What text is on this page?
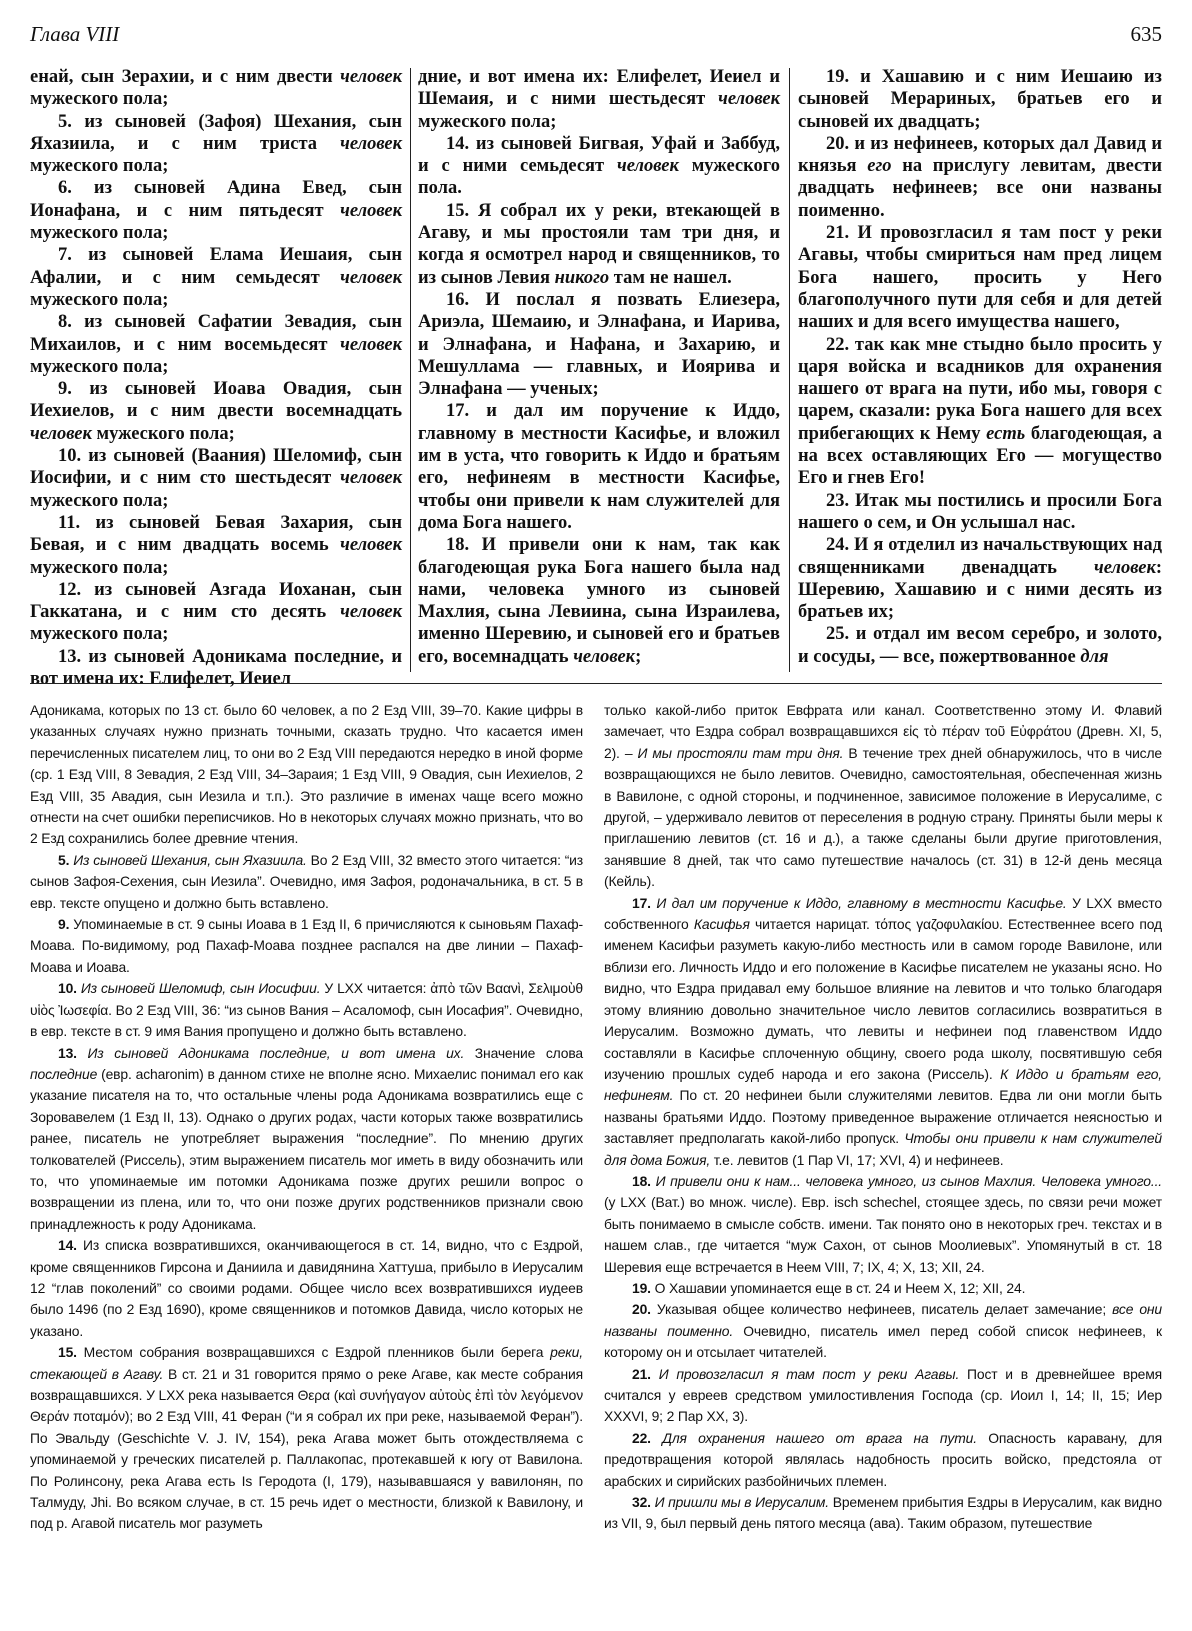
Глава VIII	635

енай, сын Зерахии, и с ним двести человек мужеского пола;

5. из сыновей (Зафоя) Шехания, сын Яхазиила, и с ним триста человек мужеского пола;

6. из сыновей Адина Евед, сын Ионафана, и с ним пятьдесят человек мужеского пола;

7. из сыновей Елама Иешаия, сын Афалии, и с ним семьдесят человек мужеского пола;

8. из сыновей Сафатии Зевадия, сын Михаилов, и с ним восемьдесят человек мужеского пола;

9. из сыновей Иоава Овадия, сын Иехиелов, и с ним двести восемнадцать человек мужеского пола;

10. из сыновей (Ваания) Шеломиф, сын Иосифии, и с ним сто шестьдесят человек мужеского пола;

11. из сыновей Бевая Захария, сын Бевая, и с ним двадцать восемь человек мужеского пола;

12. из сыновей Азгада Иоханан, сын Гаккатана, и с ним сто десять человек мужеского пола;

13. из сыновей Адоникама последние, и вот имена их: Елифелет, Иеиел

дние, и вот имена их: Елифелет, Иеиел и Шемаия, и с ними шестьдесят человек мужеского пола;

14. из сыновей Бигвая, Уфай и Заббуд, и с ними семьдесят человек мужеского пола.

15. Я собрал их у реки, втекающей в Агаву, и мы простояли там три дня, и когда я осмотрел народ и священников, то из сынов Левия никого там не нашел.

16. И послал я позвать Елиезера, Ариэла, Шемаию, и Элнафана, и Иарива, и Элнафана, и Нафана, и Захарию, и Мешуллама — главных, и Иоярива и Элнафана — ученых;

17. и дал им поручение к Иддо, главному в местности Касифье, и вложил им в уста, что говорить к Иддо и братьям его, нефинеям в местности Касифье, чтобы они привели к нам служителей для дома Бога нашего.

18. И привели они к нам, так как благодеющая рука Бога нашего была над нами, человека умного из сыновей Махлия, сына Левиина, сына Израилева, именно Шеревию, и сыновей его и братьев его, восемнадцать человек;

19. и Хашавию и с ним Иешаию из сыновей Мерариных, братьев его и сыновей их двадцать;

20. и из нефинеев, которых дал Давид и князья его на прислугу левитам, двести двадцать нефинеев; все они названы поименно.

21. И провозгласил я там пост у реки Агавы, чтобы смириться нам пред лицем Бога нашего, просить у Него благополучного пути для себя и для детей наших и для всего имущества нашего,

22. так как мне стыдно было просить у царя войска и всадников для охранения нашего от врага на пути, ибо мы, говоря с царем, сказали: рука Бога нашего для всех прибегающих к Нему есть благодеющая, а на всех оставляющих Его — могущество Его и гнев Его!

23. Итак мы постились и просили Бога нашего о сем, и Он услышал нас.

24. И я отделил из начальствующих над священниками двенадцать человек: Шеревию, Хашавию и с ними десять из братьев их;

25. и отдал им весом серебро, и золото, и сосуды, — все, пожертвованное для

Адоникама, которых по 13 ст. было 60 человек, а по 2 Езд VIII, 39–70. Какие цифры в указанных случаях нужно признать точными, сказать трудно. Что касается имен перечисленных писателем лиц, то они во 2 Езд VIII передаются нередко в иной форме (ср. 1 Езд VIII, 8 Зевадия, 2 Езд VIII, 34–Зарaия; 1 Езд VIII, 9 Овадия, сын Иехиелов, 2 Езд VIII, 35 Авадия, сын Иезила и т.п.). Это различие в именах чаще всего можно отнести на счет ошибки переписчиков. Но в некоторых случаях можно признать, что во 2 Езд сохранились более древние чтения.

5. Из сыновей Шехания, сын Яхазиила. Во 2 Езд VIII, 32 вместо этого читается: “из сынов Зафоя-Сехения, сын Иезила”. Очевидно, имя Зафоя, родоначальника, в ст. 5 в евр. тексте опущено и должно быть вставлено.

9. Упоминаемые в ст. 9 сыны Иоава в 1 Езд II, 6 причисляются к сыновьям Пахаф-Моава. По-видимому, род Пахаф-Моава позднее распался на две линии – Пахаф-Моава и Иоава.

10. Из сыновей Шеломиф, сын Иосифии. У LXX читается: ἀπὸ τῶν Βαανὶ, Σελιμοὺθ υἱὸς Ἰωσεφία. Во 2 Езд VIII, 36: “из сынов Вания – Асаломоф, сын Иосафия”. Очевидно, в евр. тексте в ст. 9 имя Вания пропущено и должно быть вставлено.

13. Из сыновей Адоникама последние, и вот имена их. Значение слова последние (евр. acharonim) в данном стихе не вполне ясно. Михаелис понимал его как указание писателя на то, что остальные члены рода Адоникама возвратились еще с Зоровавелем (1 Езд II, 13). Однако о других родах, части которых также возвратились ранее, писатель не употребляет выражения “последние”. По мнению других толкователей (Риссель), этим выражением писатель мог иметь в виду обозначить или то, что упоминаемые им потомки Адоникама позже других решили вопрос о возвращении из плена, или то, что они позже других родственников признали свою принадлежность к роду Адоникама.

14. Из списка возвратившихся, оканчивающегося в ст. 14, видно, что с Ездрой, кроме священников Гирсона и Даниила и давидянина Хаттуша, прибыло в Иерусалим 12 “глав поколений” со своими родами. Общее число всех возвратившихся иудеев было 1496 (по 2 Езд 1690), кроме священников и потомков Давида, число которых не указано.

15. Местом собрания возвращавшихся с Ездрой пленников были берега реки, стекающей в Агаву. В ст. 21 и 31 говорится прямо о реке Агаве, как месте собрания возвращавшихся. У LXX река называется Θερα (καὶ συνήγαγον αὐτοὺς ἐπὶ τὸν λεγόμενον Θεράν ποταμόν); во 2 Езд VIII, 41 Феран (“и я собрал их при реке, называемой Феран”). По Эвальду (Geschichte V. J. IV, 154), река Агава может быть отождествляема с упоминаемой у греческих писателей р. Паллакопас, протекавшей к югу от Вавилона. По Ролинсону, река Агава есть Is Геродота (I, 179), называвшаяся у вавилонян, по Талмуду, Jhi. Во всяком случае, в ст. 15 речь идет о местности, близкой к Вавилону, и под р. Агавой писатель мог разуметь

только какой-либо приток Евфрата или канал. Соответственно этому И. Флавий замечает, что Ездра собрал возвращавшихся εἰς τὸ πέραν τοῦ Εὐφράτου (Древн. XI, 5, 2). – И мы простояли там три дня. В течение трех дней обнаружилось, что в числе возвращающихся не было левитов. Очевидно, самостоятельная, обеспеченная жизнь в Вавилоне, с одной стороны, и подчиненное, зависимое положение в Иерусалиме, с другой, – удерживало левитов от переселения в родную страну. Приняты были меры к приглашению левитов (ст. 16 и д.), а также сделаны были другие приготовления, занявшие 8 дней, так что само путешествие началось (ст. 31) в 12-й день месяца (Кейль).

17. И дал им поручение к Иддо, главному в местности Касифье. У LXX вместо собственного Касифья читается нарицат. τόπος γαζοφυλακίου. Естественнее всего под именем Касифьи разуметь какую-либо местность или в самом городе Вавилоне, или вблизи его. Личность Иддо и его положение в Касифье писателем не указаны ясно. Но видно, что Ездра придавал ему большое влияние на левитов и что только благодаря этому влиянию довольно значительное число левитов согласились возвратиться в Иерусалим. Возможно думать, что левиты и нефинеи под главенством Иддо составляли в Касифье сплоченную общину, своего рода школу, посвятившую себя изучению прошлых судеб народа и его закона (Риссель). К Иддо и братьям его, нефинеям. По ст. 20 нефинеи были служителями левитов. Едва ли они могли быть названы братьями Иддо. Поэтому приведенное выражение отличается неясностью и заставляет предполагать какой-либо пропуск. Чтобы они привели к нам служителей для дома Божия, т.е. левитов (1 Пар VI, 17; XVI, 4) и нефинеев.

18. И привели они к нам... человека умного, из сынов Махлия. Человека умного... (у LXX (Ват.) во множ. числе). Евр. isch schechel, стоящее здесь, по связи речи может быть понимаемо в смысле собств. имени. Так понято оно в некоторых греч. текстах и в нашем слав., где читается “муж Сахон, от сынов Моолиевых”. Упомянутый в ст. 18 Шеревия еще встречается в Неем VIII, 7; IX, 4; X, 13; XII, 24.

19. О Хашавии упоминается еще в ст. 24 и Неем X, 12; XII, 24.

20. Указывая общее количество нефинеев, писатель делает замечание; все они названы поименно. Очевидно, писатель имел перед собой список нефинеев, к которому он и отсылает читателей.

21. И провозгласил я там пост у реки Агавы. Пост и в древнейшее время считался у евреев средством умилостивления Господа (ср. Иоил I, 14; II, 15; Иер XXXVI, 9; 2 Пар XX, 3).

22. Для охранения нашего от врага на пути. Опасность каравану, для предотвращения которой являлась надобность просить войско, предстояла от арабских и сирийских разбойничьих племен.

32. И пришли мы в Иерусалим. Временем прибытия Ездры в Иерусалим, как видно из VII, 9, был первый день пятого месяца (ава). Таким образом, путешествие
